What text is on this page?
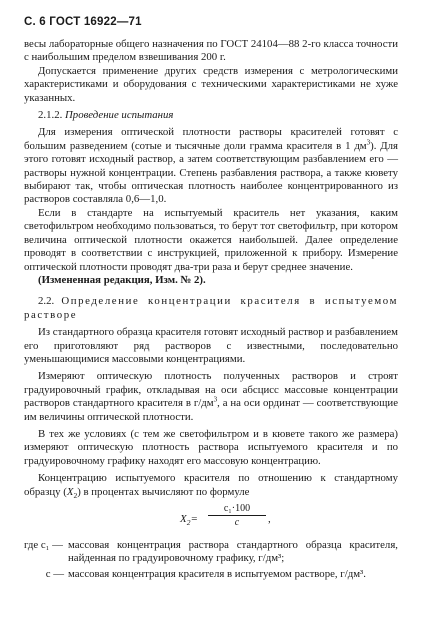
С. 6 ГОСТ 16922—71

весы лабораторные общего назначения по ГОСТ 24104—88 2-го класса точности с наибольшим пределом взвешивания 200 г.

Допускается применение других средств измерения с метрологическими характеристиками и оборудования с техническими характеристиками не хуже указанных.

2.1.2. Проведение испытания

Для измерения оптической плотности растворы красителей готовят с большим разведением (сотые и тысячные доли грамма красителя в 1 $дм^3$). Для этого готовят исходный раствор, а затем соответствующим разбавлением его — растворы нужной концентрации. Степень разбавления раствора, а также кювету выбирают так, чтобы оптическая плотность наиболее концентрированного из растворов составляла 0,6—1,0.

Если в стандарте на испытуемый краситель нет указания, каким светофильтром необходимо пользоваться, то берут тот светофильтр, при котором величина оптической плотности окажется наибольшей. Далее определение проводят в соответствии с инструкцией, приложенной к прибору. Измерение оптической плотности проводят два-три раза и берут среднее значение.

(Измененная редакция, Изм. № 2).

2.2. Определение концентрации красителя в испытуемом растворе

Из стандартного образца красителя готовят исходный раствор и разбавлением его приготовляют ряд растворов с известными, последовательно уменьшающимися массовыми концентрациями.

Измеряют оптическую плотность полученных растворов и строят градуировочный график, откладывая на оси абсцисс массовые концентрации растворов стандартного красителя в $г/дм^3$, а на оси ординат — соответствующие им величины оптической плотности.

В тех же условиях (с тем же светофильтром и в кювете такого же размера) измеряют оптическую плотность раствора испытуемого красителя и по градуировочному графику находят его массовую концентрацию.

Концентрацию испытуемого красителя по отношению к стандартному образцу $(X_2)$ в процентах вычисляют по формуле

$X_2= \frac{\text{c₁·100}}{c}$ ,
где c₁ — массовая концентрация раствора стандартного образца красителя, найденная по градуировочному графику, г/дм³;
c — массовая концентрация красителя в испытуемом растворе, г/дм³.
